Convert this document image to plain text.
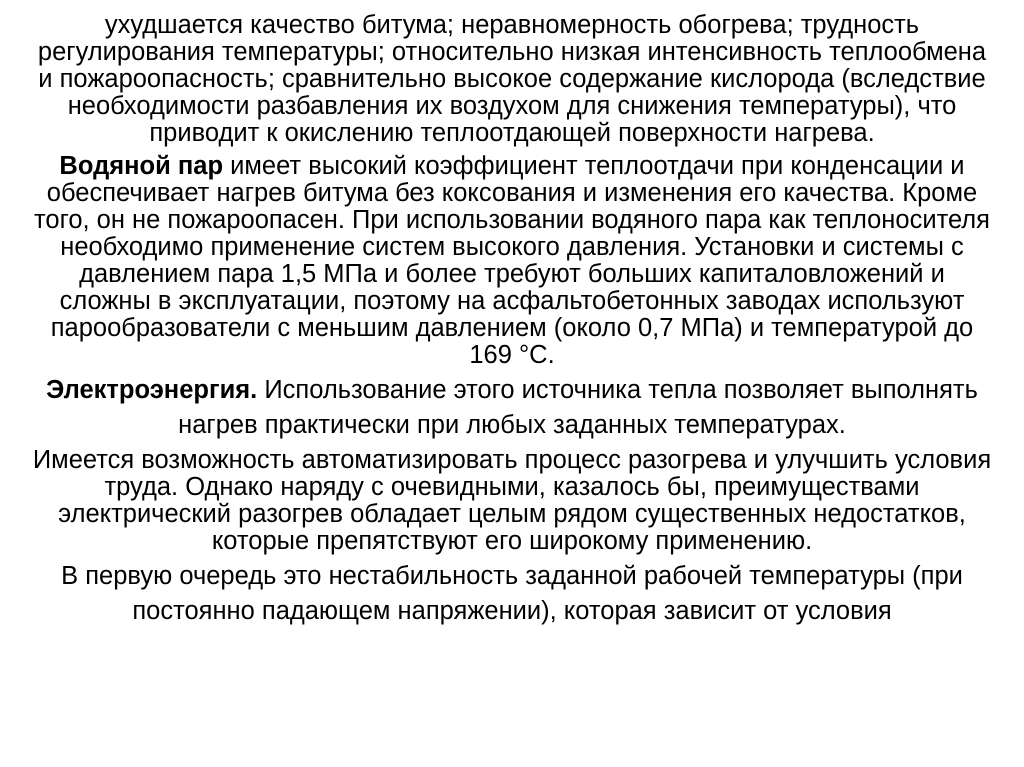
ухудшается качество битума; неравномерность обогрева; трудность регулирования температуры; относительно низкая интенсивность теплообмена и пожароопасность; сравнительно высокое содержание кислорода (вследствие необходимости разбавления их воздухом для снижения температуры), что приводит к окислению теплоотдающей поверхности нагрева.

Водяной пар имеет высокий коэффициент теплоотдачи при конденсации и обеспечивает нагрев битума без коксования и изменения его качества. Кроме того, он не пожароопасен. При использовании водяного пара как теплоносителя необходимо применение систем высокого давления. Установки и системы с давлением пара 1,5 МПа и более требуют больших капиталовложений и сложны в эксплуатации, поэтому на асфальтобетонных заводах используют парообразователи с меньшим давлением (около 0,7 МПа) и температурой до 169 °С.

Электроэнергия. Использование этого источника тепла позволяет выполнять нагрев практически при любых заданных температурах.

Имеется возможность автоматизировать процесс разогрева и улучшить условия труда. Однако наряду с очевидными, казалось бы, преимуществами электрический разогрев обладает целым рядом существенных недостатков, которые препятствуют его широкому применению.

В первую очередь это нестабильность заданной рабочей температуры (при постоянно падающем напряжении), которая зависит от условия
